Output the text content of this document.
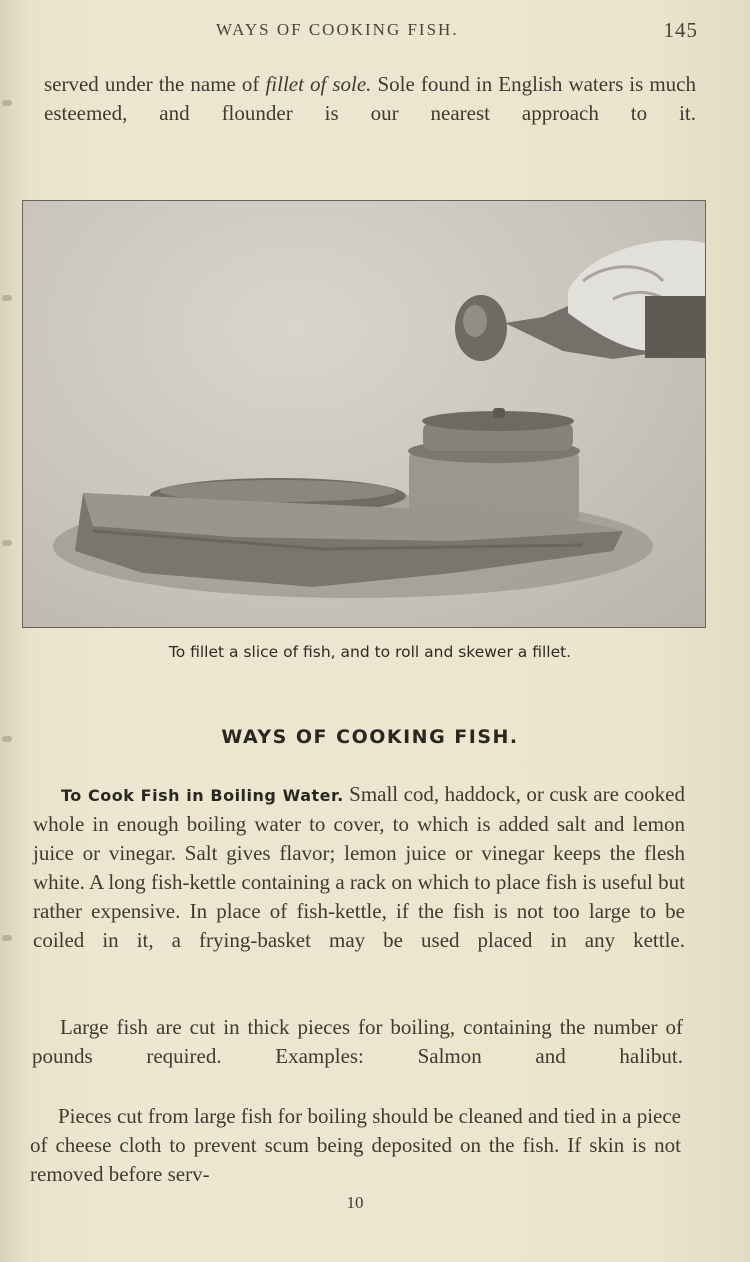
WAYS OF COOKING FISH.	145

served under the name of fillet of sole. Sole found in English waters is much esteemed, and flounder is our nearest approach to it.

To fillet a slice of fish, and to roll and skewer a fillet.
WAYS OF COOKING FISH.

To Cook Fish in Boiling Water. Small cod, haddock, or cusk are cooked whole in enough boiling water to cover, to which is added salt and lemon juice or vinegar. Salt gives flavor; lemon juice or vinegar keeps the flesh white. A long fish-kettle containing a rack on which to place fish is useful but rather expensive. In place of fish-kettle, if the fish is not too large to be coiled in it, a frying-basket may be used placed in any kettle.

Large fish are cut in thick pieces for boiling, containing the number of pounds required. Examples: Salmon and halibut.

Pieces cut from large fish for boiling should be cleaned and tied in a piece of cheese cloth to prevent scum being deposited on the fish. If skin is not removed before serv-

10
